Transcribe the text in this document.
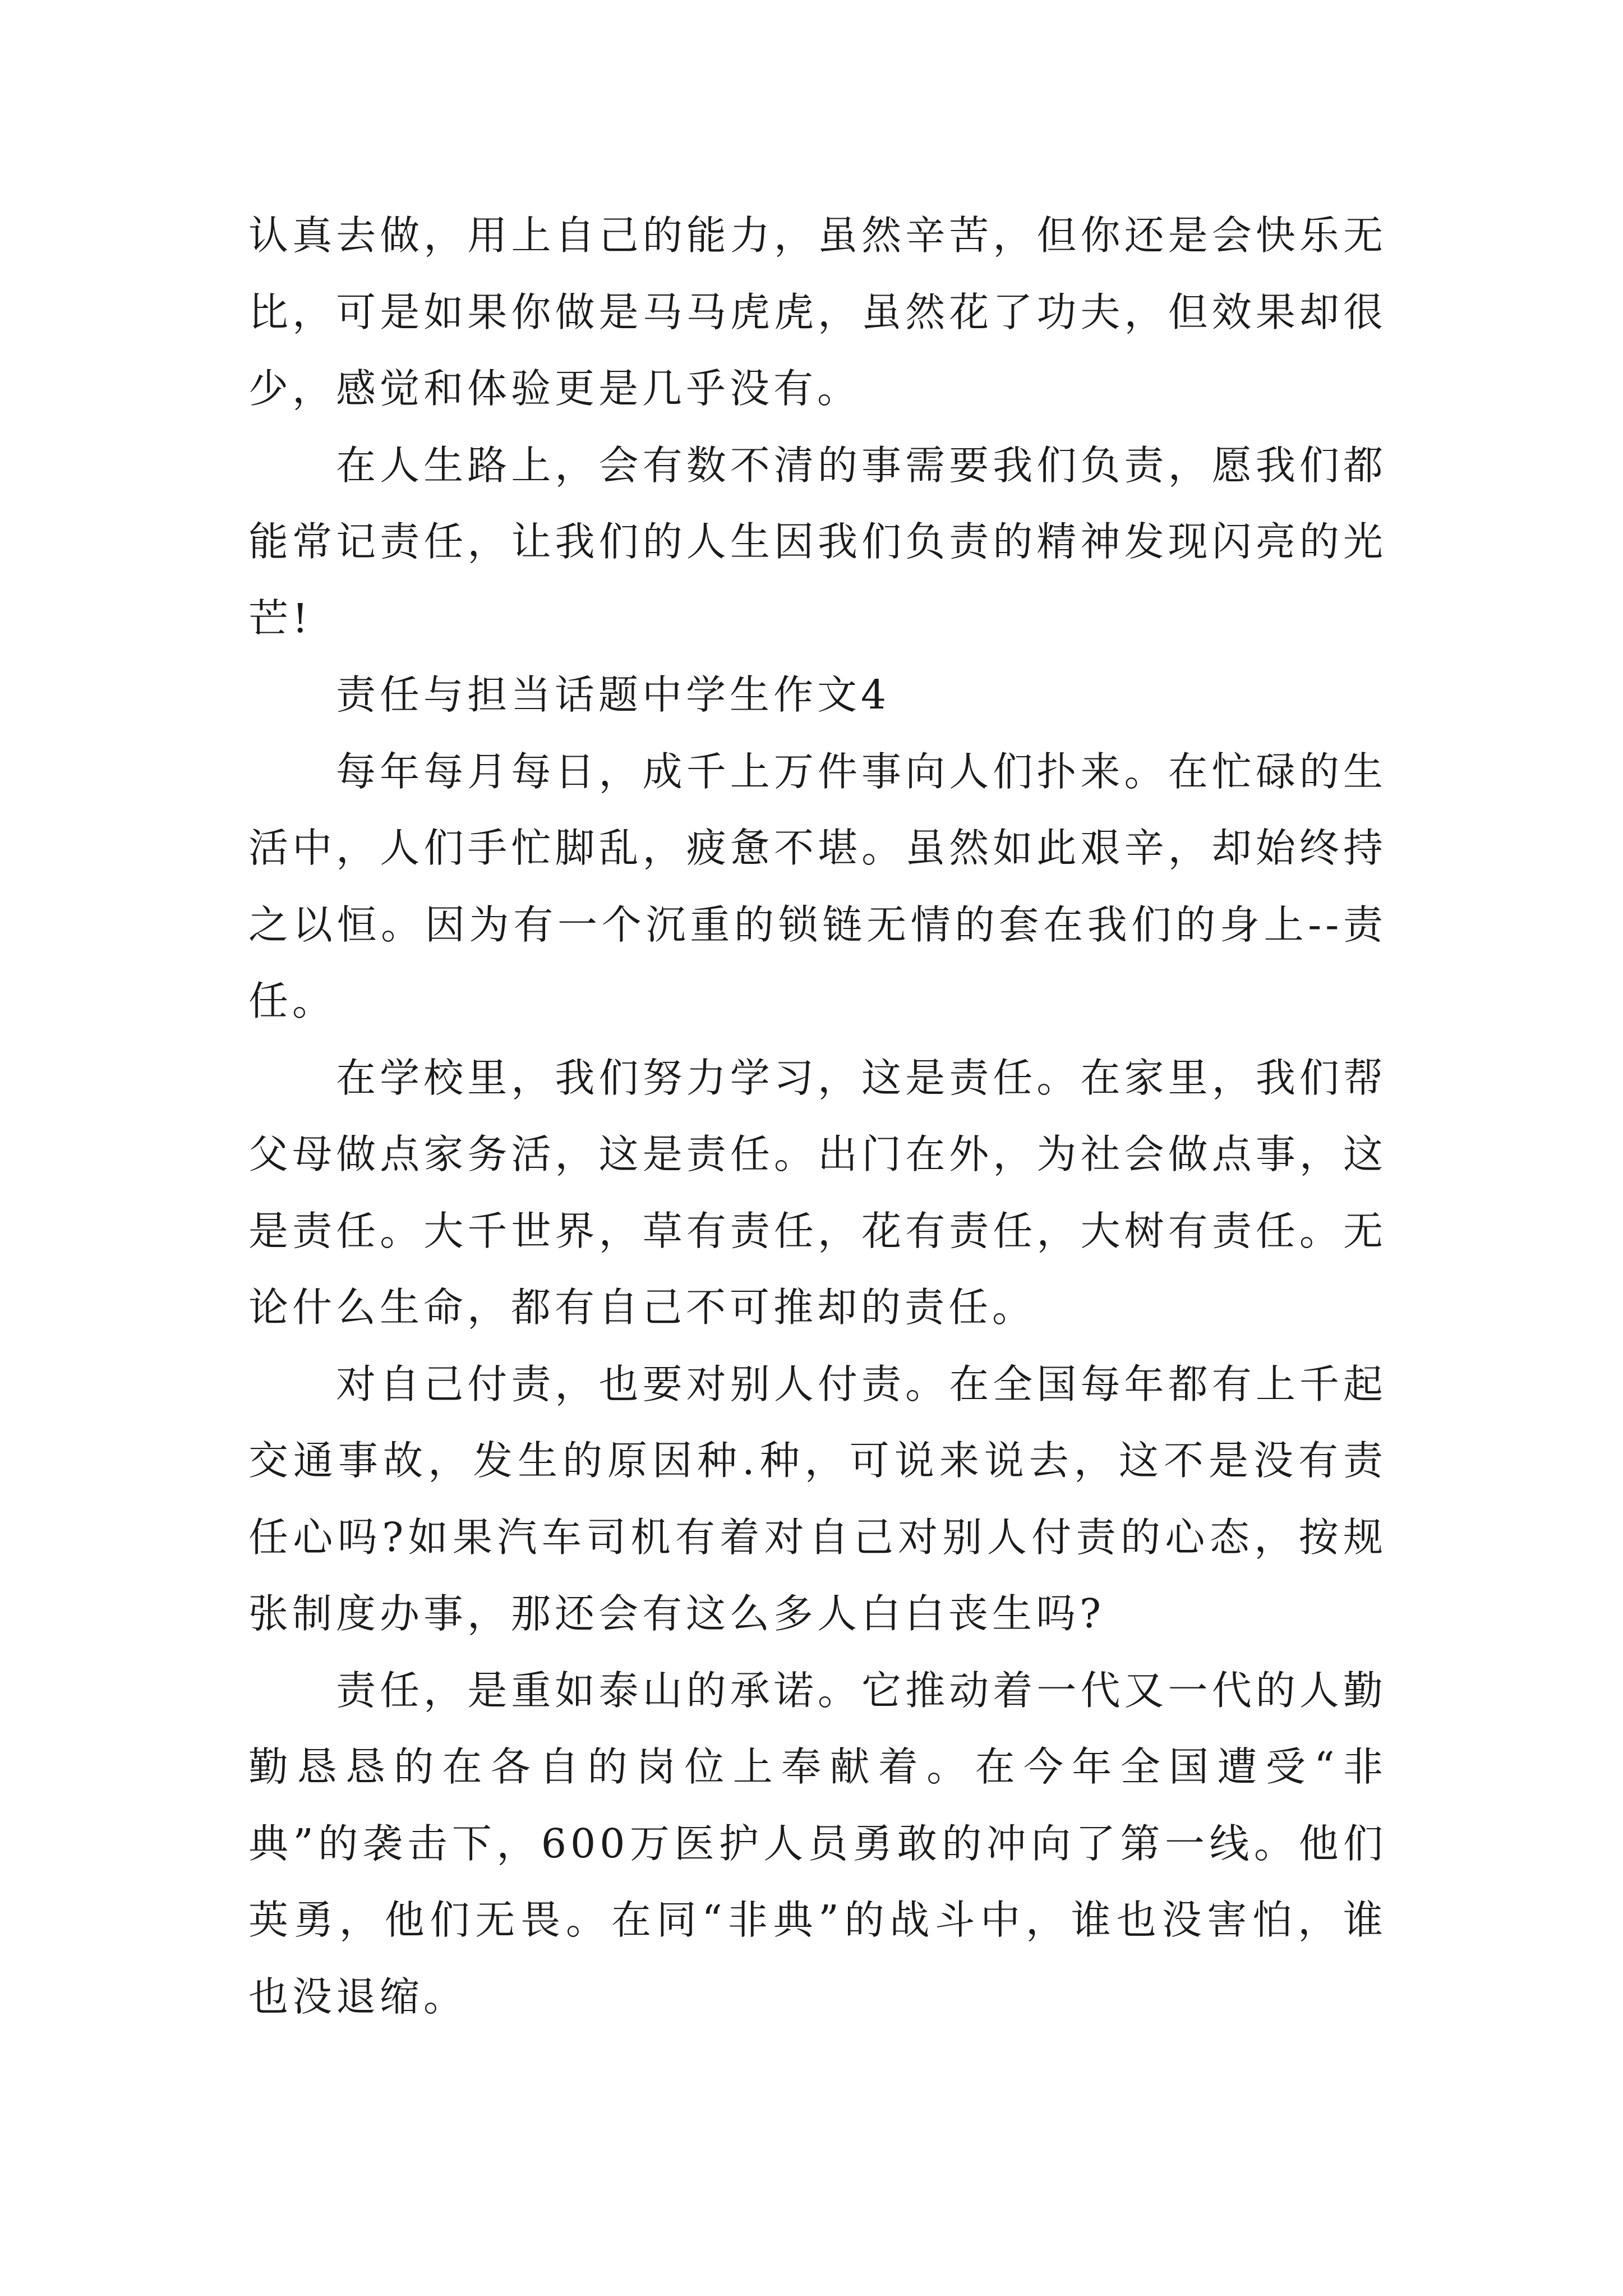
认真去做，用上自己的能力，虽然辛苦，但你还是会快乐无比，可是如果你做是马马虎虎，虽然花了功夫，但效果却很少，感觉和体验更是几乎没有。

在人生路上，会有数不清的事需要我们负责，愿我们都能常记责任，让我们的人生因我们负责的精神发现闪亮的光芒!

责任与担当话题中学生作文4

每年每月每日，成千上万件事向人们扑来。在忙碌的生活中，人们手忙脚乱，疲惫不堪。虽然如此艰辛，却始终持之以恒。因为有一个沉重的锁链无情的套在我们的身上--责任。

在学校里，我们努力学习，这是责任。在家里，我们帮父母做点家务活，这是责任。出门在外，为社会做点事，这是责任。大千世界，草有责任，花有责任，大树有责任。无论什么生命，都有自己不可推却的责任。

对自己付责，也要对别人付责。在全国每年都有上千起交通事故，发生的原因种.种，可说来说去，这不是没有责任心吗?如果汽车司机有着对自己对别人付责的心态，按规张制度办事，那还会有这么多人白白丧生吗?

责任，是重如泰山的承诺。它推动着一代又一代的人勤勤恳恳的在各自的岗位上奉献着。在今年全国遭受“非典”的袭击下，600万医护人员勇敢的冲向了第一线。他们英勇，他们无畏。在同“非典”的战斗中，谁也没害怕，谁也没退缩。
